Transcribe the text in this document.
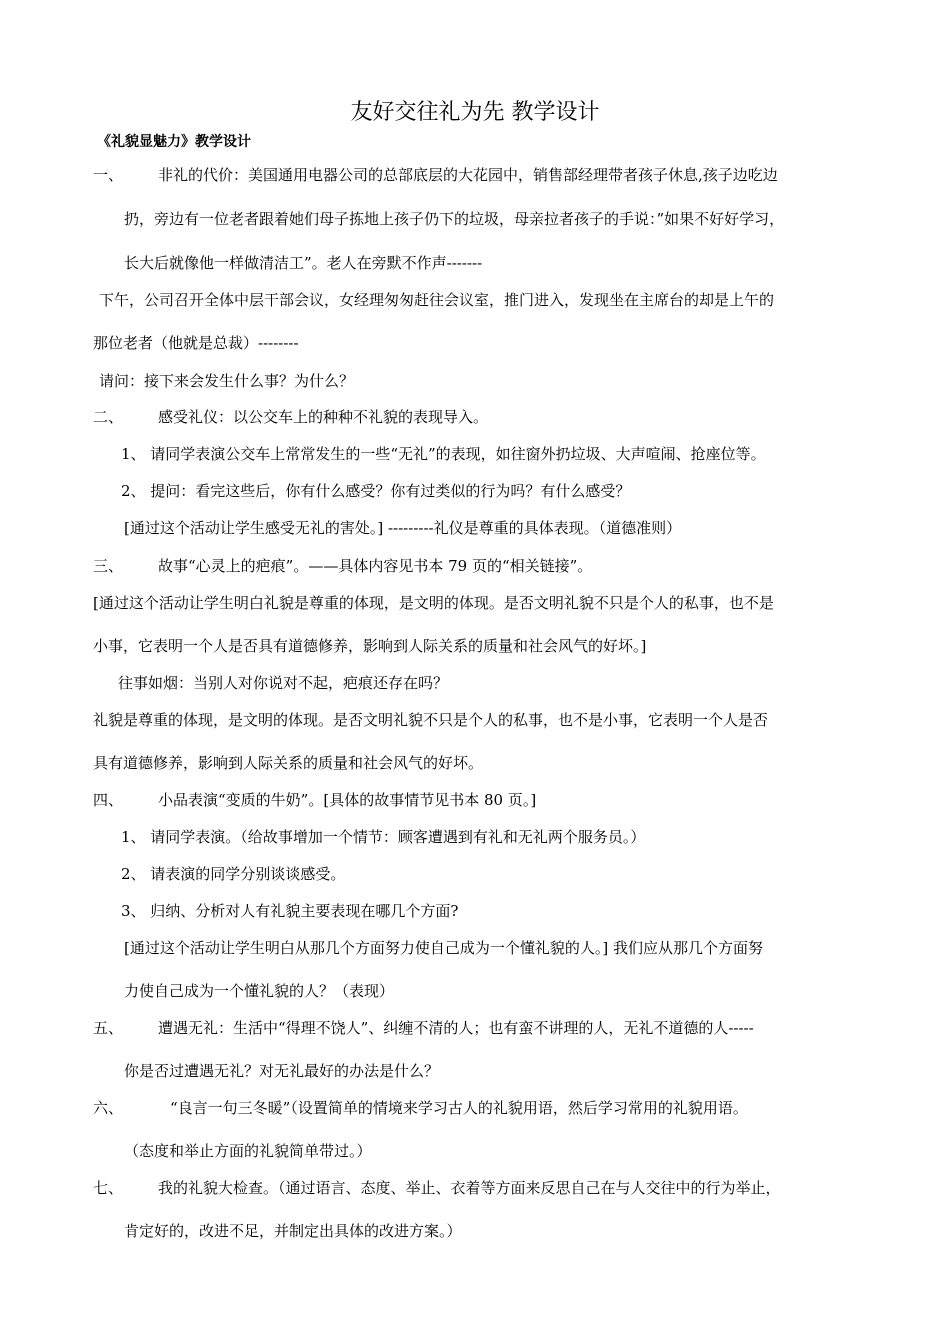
友好交往礼为先 教学设计
《礼貌显魅力》教学设计
一、 非礼的代价：美国通用电器公司的总部底层的大花园中，销售部经理带者孩子休息,孩子边吃边
扔，旁边有一位老者跟着她们母子拣地上孩子仍下的垃圾，母亲拉者孩子的手说：”如果不好好学习，
长大后就像他一样做清洁工”。老人在旁默不作声-------
下午，公司召开全体中层干部会议，女经理匆匆赶往会议室，推门进入，发现坐在主席台的却是上午的
那位老者（他就是总裁）--------
请问：接下来会发生什么事？为什么？
二、 感受礼仪：以公交车上的种种不礼貌的表现导入。
1、 请同学表演公交车上常常发生的一些“无礼”的表现，如往窗外扔垃圾、大声喧闹、抢座位等。
2、 提问：看完这些后，你有什么感受？你有过类似的行为吗？有什么感受？
[通过这个活动让学生感受无礼的害处。] ---------礼仪是尊重的具体表现。（道德准则）
三、 故事“心灵上的疤痕”。——具体内容见书本 79 页的“相关链接”。
[通过这个活动让学生明白礼貌是尊重的体现，是文明的体现。是否文明礼貌不只是个人的私事，也不是
小事，它表明一个人是否具有道德修养，影响到人际关系的质量和社会风气的好坏。]
往事如烟：当别人对你说对不起，疤痕还存在吗？
礼貌是尊重的体现，是文明的体现。是否文明礼貌不只是个人的私事，也不是小事，它表明一个人是否
具有道德修养，影响到人际关系的质量和社会风气的好坏。
四、 小品表演“变质的牛奶”。[具体的故事情节见书本 80 页。]
1、 请同学表演。（给故事增加一个情节：顾客遭遇到有礼和无礼两个服务员。）
2、 请表演的同学分别谈谈感受。
3、 归纳、分析对人有礼貌主要表现在哪几个方面?
[通过这个活动让学生明白从那几个方面努力使自己成为一个懂礼貌的人。] 我们应从那几个方面努
力使自己成为一个懂礼貌的人？（表现）
五、 遭遇无礼：生活中“得理不饶人”、纠缠不清的人；也有蛮不讲理的人，无礼不道德的人-----
你是否过遭遇无礼？对无礼最好的办法是什么？
六、	“良言一句三冬暖”（设置简单的情境来学习古人的礼貌用语，然后学习常用的礼貌用语。
（态度和举止方面的礼貌简单带过。）
七、 我的礼貌大检查。（通过语言、态度、举止、衣着等方面来反思自己在与人交往中的行为举止，
肯定好的，改进不足，并制定出具体的改进方案。）
